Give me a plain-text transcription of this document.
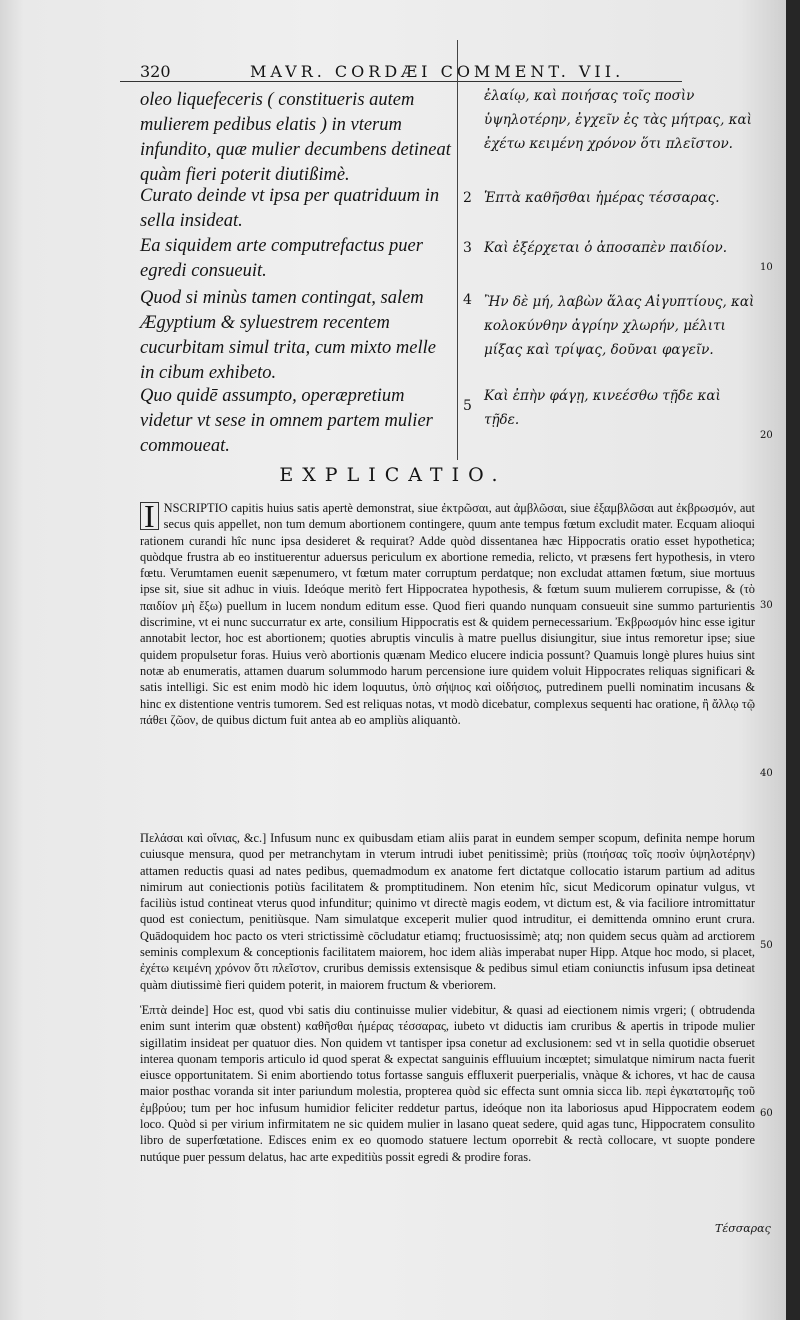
320	MAVR. CORDÆI COMMENT. VII.

oleo liquefeceris ( constitueris autem mulierem pedibus elatis ) in vterum infundito, quæ mulier decumbens detineat quàm fieri poterit diutißimè.

ἐλαίῳ, καὶ ποιήσας τοῖς ποσὶν ὑψηλοτέρην, ἐγχεῖν ἐς τὰς μήτρας, καὶ ἐχέτω κειμένη χρόνον ὅτι πλεῖστον.

2

Curato deinde vt ipsa per quatriduum in sella insideat.

Ἑπτὰ καθῆσθαι ἡμέρας τέσσαρας.

3

Ea siquidem arte computrefactus puer egredi consueuit.

Καὶ ἐξέρχεται ὁ ἀποσαπὲν παιδίον.

4

Quod si minùs tamen contingat, salem Ægyptium & syluestrem recentem cucurbitam simul trita, cum mixto melle in cibum exhibeto.

Ἢν δὲ μή, λαβὼν ἅλας Αἰγυπτίους, καὶ κολοκύνθην ἀγρίην χλωρήν, μέλιτι μίξας καὶ τρίψας, δοῦναι φαγεῖν.

5

Quo quidē assumpto, operæpretium videtur vt sese in omnem partem mulier commoueat.

Καὶ ἐπὴν φάγῃ, κινεέσθω τῇδε καὶ τῇδε.

10
20
EXPLICATIO.

I NSCRIPTIO capitis huius satis apertè demonstrat, siue ἐκτρῶσαι, aut ἀμβλῶσαι, siue ἐξαμβλῶσαι aut ἐκβρωσμόν, aut secus quis appellet, non tum demum abortionem contingere, quum ante tempus fœtum excludit mater. Ecquam alioqui rationem curandi hîc nunc ipsa desideret & requirat? Adde quòd dissentanea hæc Hippocratis oratio esset hypothetica; quòdque frustra ab eo instituerentur aduersus periculum ex abortione remedia, relicto, vt præsens fert hypothesis, in vtero fœtu. Verumtamen euenit sæpenumero, vt fœtum mater corruptum perdatque; non excludat attamen fœtum, siue mortuus ipse sit, siue sit adhuc in viuis. Ideóque meritò fert Hippocratea hypothesis, & fœtum suum mulierem corrupisse, & (τὸ παιδίον μὴ ἔξω) puellum in lucem nondum editum esse. Quod fieri quando nunquam consueuit sine summo parturientis discrimine, vt ei nunc succurratur ex arte, consilium Hippocratis est & quidem pernecessarium. Ἐκβρωσμόν hinc esse igitur annotabit lector, hoc est abortionem; quoties abruptis vinculis à matre puellus disiungitur, siue intus remoretur ipse; siue quidem propulsetur foras. Huius verò abortionis quænam Medico elucere indicia possunt? Quamuis longè plures huius sint notæ ab enumeratis, attamen duarum solummodo harum percensione iure quidem voluit Hippocrates reliquas significari & satis intelligi. Sic est enim modò hic idem loquutus, ὑπὸ σήψιος καὶ οἰδήσιος, putredinem puelli nominatim incusans & hinc ex distentione ventris tumorem. Sed est reliquas notas, vt modò dicebatur, complexus sequenti hac oratione, ἢ ἄλλῳ τῷ πάθει ζῶον, de quibus dictum fuit antea ab eo ampliùs aliquantò.

Πελάσαι καὶ οἴνιας, &c.] Infusum nunc ex quibusdam etiam aliis parat in eundem semper scopum, definita nempe horum cuiusque mensura, quod per metranchytam in vterum intrudi iubet penitissimè; priùs (ποιήσας τοῖς ποσὶν ὑψηλοτέρην) attamen reductis quasi ad nates pedibus, quemadmodum ex anatome fert dictatque collocatio istarum partium ad aditus nimirum aut coniectionis potiùs facilitatem & promptitudinem. Non etenim hîc, sicut Medicorum opinatur vulgus, vt faciliùs istud contineat vterus quod infunditur; quinimo vt directè magis eodem, vt dictum est, & via faciliore intromittatur quod est coniectum, penitiùsque. Nam simulatque exceperit mulier quod intruditur, ei demittenda omnino erunt crura. Quādoquidem hoc pacto os vteri strictissimè cōcludatur etiamq; fructuosissimè; atq; non quidem secus quàm ad arctiorem seminis complexum & conceptionis facilitatem maiorem, hoc idem aliàs imperabat nuper Hipp. Atque hoc modo, si placet, ἐχέτω κειμένη χρόνον ὅτι πλεῖστον, cruribus demissis extensisque & pedibus simul etiam coniunctis infusum ipsa detineat quàm diutissimè fieri quidem poterit, in maiorem fructum & vberiorem.

Ἑπτὰ deinde] Hoc est, quod vbi satis diu continuisse mulier videbitur, & quasi ad eiectionem nimis vrgeri; ( obtrudenda enim sunt interim quæ obstent) καθῆσθαι ἡμέρας τέσσαρας, iubeto vt diductis iam cruribus & apertis in tripode mulier sigillatim insideat per quatuor dies. Non quidem vt tantisper ipsa conetur ad exclusionem: sed vt in sella quotidie obseruet interea quonam temporis articulo id quod sperat & expectat sanguinis effluuium incœptet; simulatque nimirum nacta fuerit eiusce opportunitatem. Si enim abortiendo totus fortasse sanguis effluxerit puerperialis, vnàque & ichores, vt hac de causa maior posthac voranda sit inter pariundum molestia, propterea quòd sic effecta sunt omnia sicca lib. περὶ ἐγκατατομῆς τοῦ ἐμβρύου; tum per hoc infusum humidior feliciter reddetur partus, ideóque non ita laboriosus apud Hippocratem eodem loco. Quòd si per virium infirmitatem ne sic quidem mulier in lasano queat sedere, quid agas tunc, Hippocratem consulito libro de superfœtatione. Edisces enim ex eo quomodo statuere lectum oporrebit & rectà collocare, vt suopte pondere nutúque puer pessum delatus, hac arte expeditiùs possit egredi & prodire foras.

30
40
50
60
Τέσσαρας
